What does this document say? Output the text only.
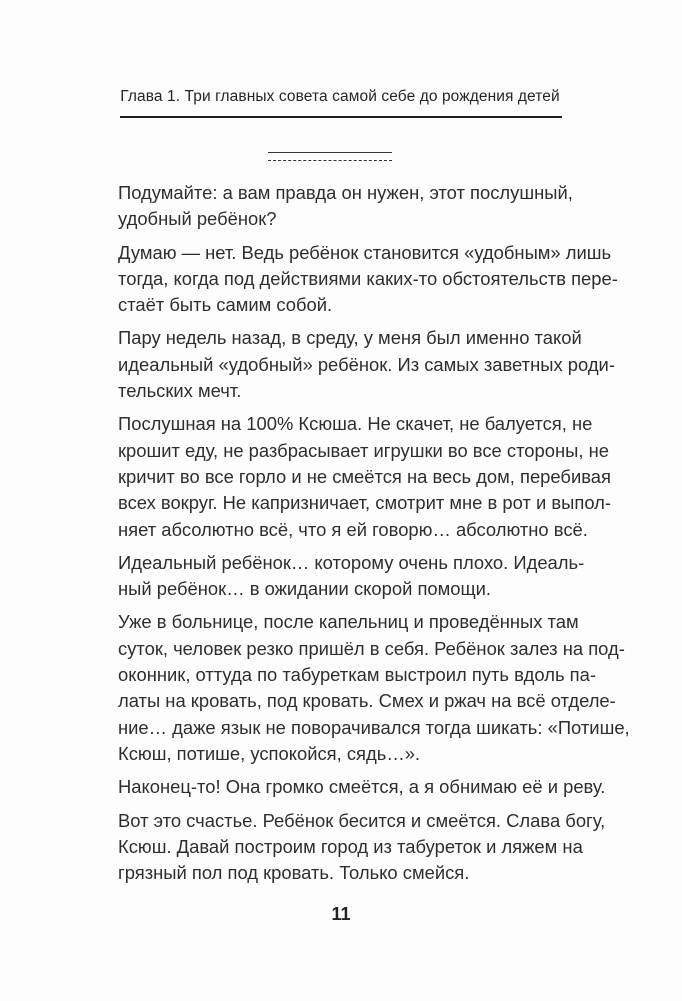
Глава 1. Три главных совета самой себе до рождения детей

Подумайте: а вам правда он нужен, этот послушный,
удобный ребёнок?

Думаю — нет. Ведь ребёнок становится «удобным» лишь
тогда, когда под действиями каких-то обстоятельств пере-
стаёт быть самим собой.

Пару недель назад, в среду, у меня был именно такой
идеальный «удобный» ребёнок. Из самых заветных роди-
тельских мечт.

Послушная на 100% Ксюша. Не скачет, не балуется, не
крошит еду, не разбрасывает игрушки во все стороны, не
кричит во все горло и не смеётся на весь дом, перебивая
всех вокруг. Не капризничает, смотрит мне в рот и выпол-
няет абсолютно всё, что я ей говорю… абсолютно всё.

Идеальный ребёнок… которому очень плохо. Идеаль-
ный ребёнок… в ожидании скорой помощи.

Уже в больнице, после капельниц и проведённых там
суток, человек резко пришёл в себя. Ребёнок залез на под-
оконник, оттуда по табуреткам выстроил путь вдоль па-
латы на кровать, под кровать. Смех и ржач на всё отделе-
ние… даже язык не поворачивался тогда шикать: «Потише,
Ксюш, потише, успокойся, сядь…».

Наконец-то! Она громко смеётся, а я обнимаю её и реву.

Вот это счастье. Ребёнок бесится и смеётся. Слава богу,
Ксюш. Давай построим город из табуреток и ляжем на
грязный пол под кровать. Только смейся.

11
